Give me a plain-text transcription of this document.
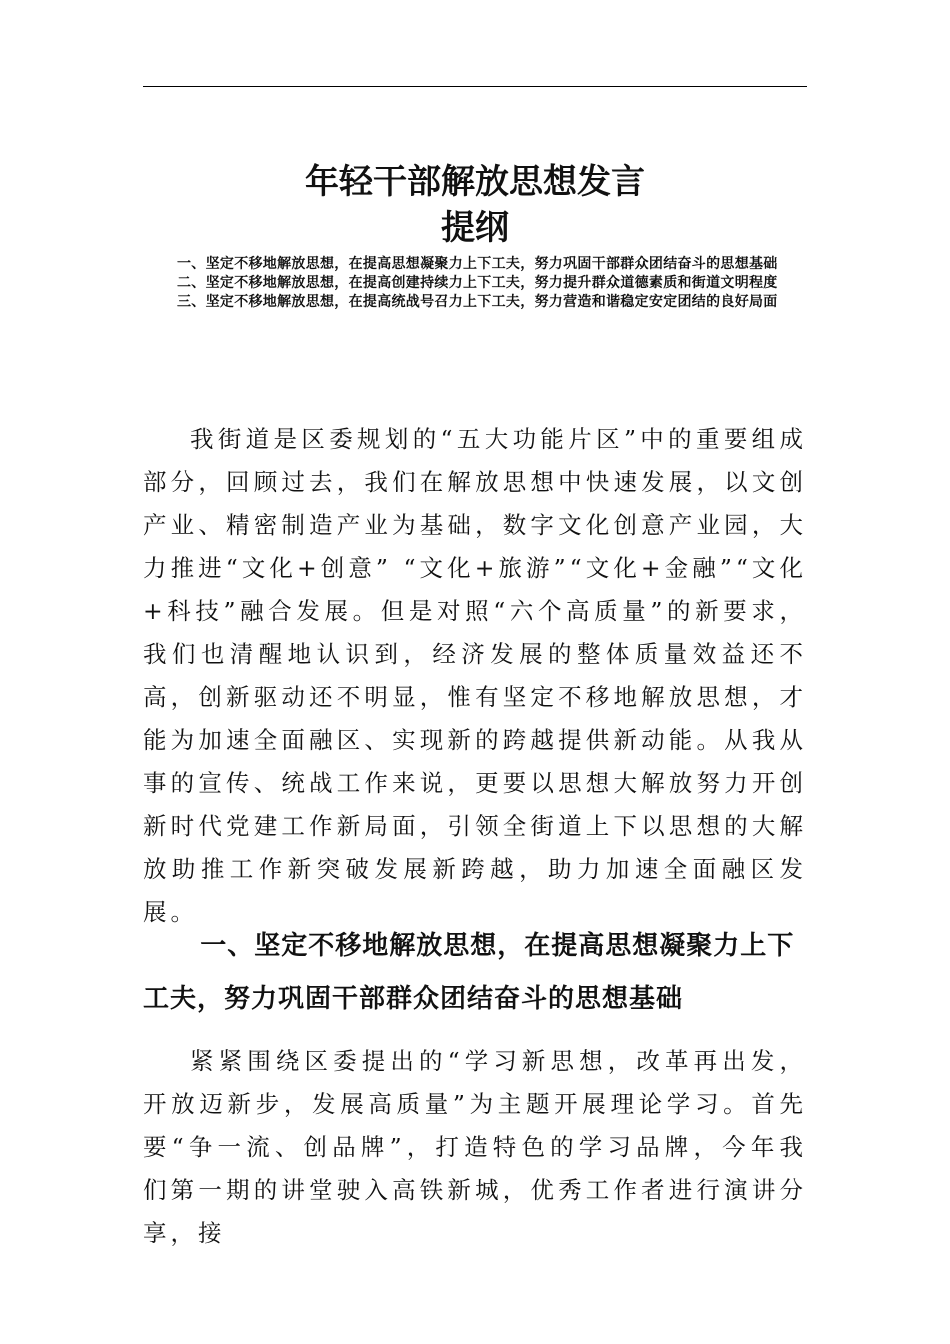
年轻干部解放思想发言
提纲
一、坚定不移地解放思想，在提高思想凝聚力上下工夫，努力巩固干部群众团结奋斗的思想基础
二、坚定不移地解放思想，在提高创建持续力上下工夫，努力提升群众道德素质和街道文明程度
三、坚定不移地解放思想，在提高统战号召力上下工夫，努力营造和谐稳定安定团结的良好局面

我街道是区委规划的“五大功能片区”中的重要组成部分，回顾过去，我们在解放思想中快速发展，以文创产业、精密制造产业为基础，数字文化创意产业园，大力推进“文化+创意” “文化+旅游”“文化+金融”“文化+科技”融合发展。但是对照“六个高质量”的新要求，我们也清醒地认识到，经济发展的整体质量效益还不高，创新驱动还不明显，惟有坚定不移地解放思想，才能为加速全面融区、实现新的跨越提供新动能。从我从事的宣传、统战工作来说，更要以思想大解放努力开创新时代党建工作新局面，引领全街道上下以思想的大解放助推工作新突破发展新跨越，助力加速全面融区发展。

一、坚定不移地解放思想，在提高思想凝聚力上下工夫，努力巩固干部群众团结奋斗的思想基础

紧紧围绕区委提出的“学习新思想，改革再出发，开放迈新步，发展高质量”为主题开展理论学习。首先要“争一流、创品牌”，打造特色的学习品牌，今年我们第一期的讲堂驶入高铁新城，优秀工作者进行演讲分享，接
